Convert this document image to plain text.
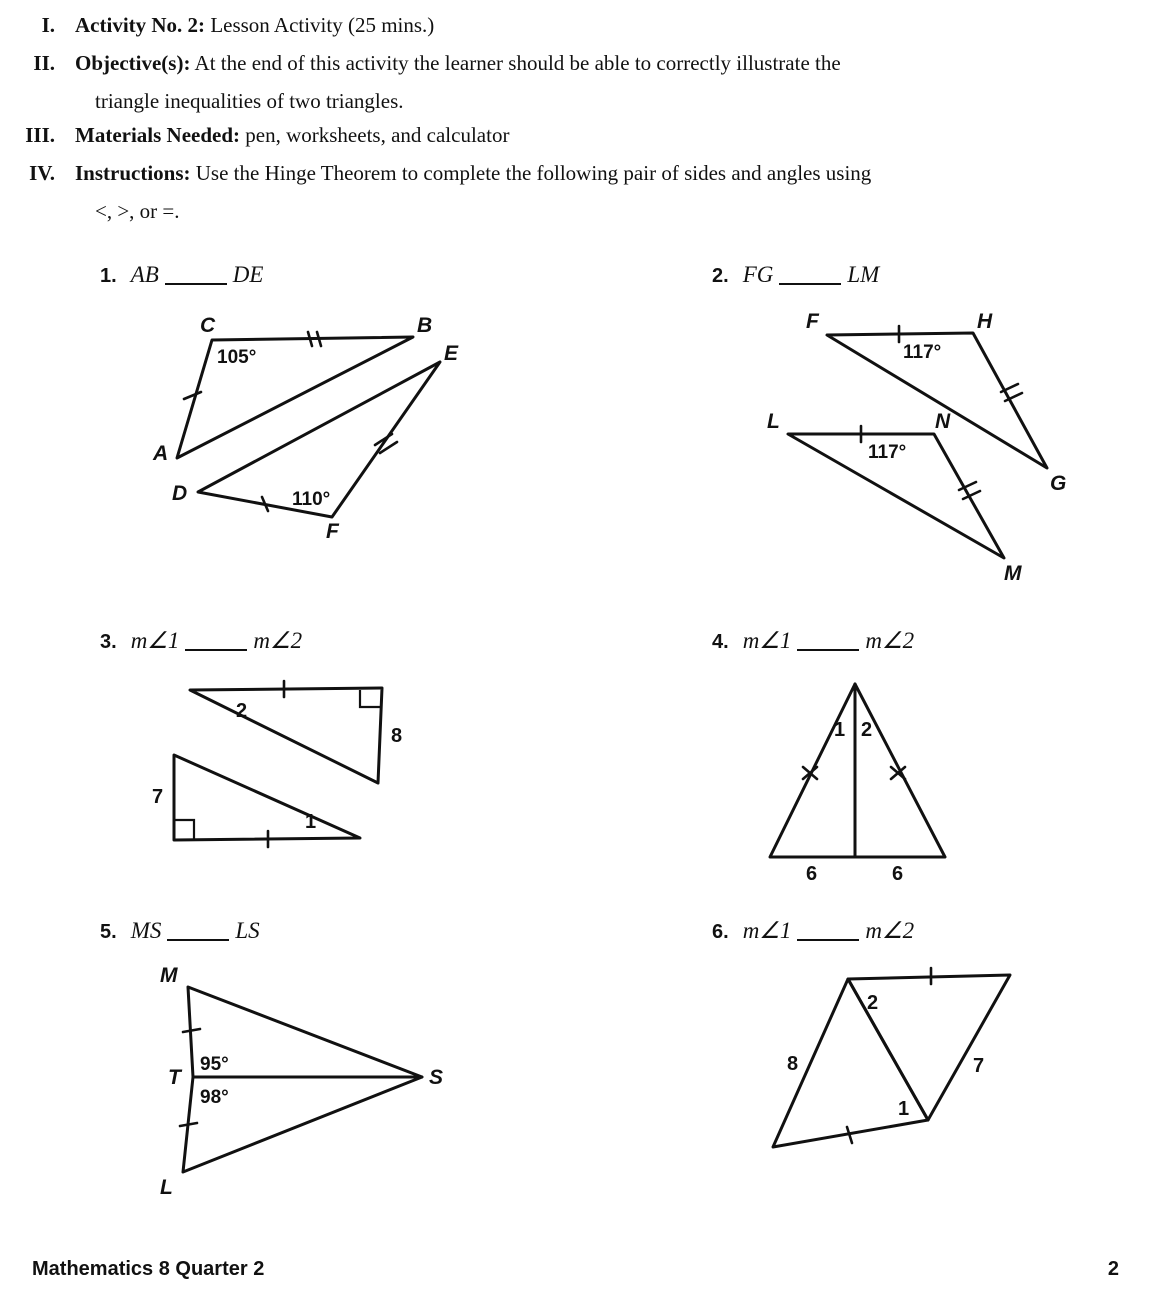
I. Activity No. 2: Lesson Activity (25 mins.)
II. Objective(s): At the end of this activity the learner should be able to correctly illustrate the
triangle inequalities of two triangles.
III. Materials Needed: pen, worksheets, and calculator
IV. Instructions: Use the Hinge Theorem to complete the following pair of sides and angles using
<, >, or =.
1. AB	DE
C	B
A
E
D
F
105°
110°
2. FG	LM
F	H
G
L	N
M
117°
117°
3. m∠1	m∠2
8
7
2
1
4. m∠1	m∠2
1 2
6	6
5. MS	LS
M
T
L
S
95°
98°
6. m∠1	m∠2
8	7
2
1
Mathematics 8 Quarter 2	2
